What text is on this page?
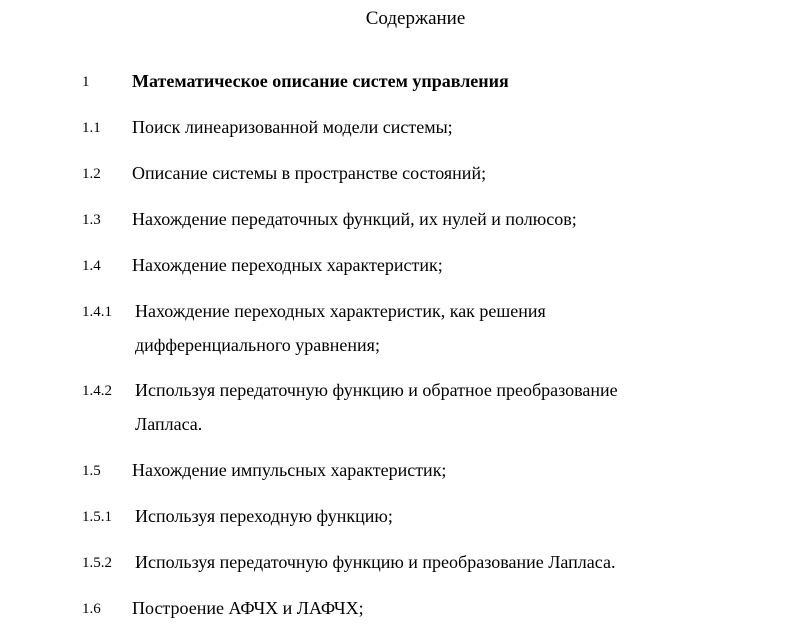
Содержание
1 Математическое описание систем управления
1.1 Поиск линеаризованной модели системы;
1.2 Описание системы в пространстве состояний;
1.3 Нахождение передаточных функций, их нулей и полюсов;
1.4 Нахождение переходных характеристик;
1.4.1 Нахождение переходных характеристик, как решения
дифференциального уравнения;
1.4.2 Используя передаточную функцию и обратное преобразование
Лапласа.
1.5 Нахождение импульсных характеристик;
1.5.1 Используя переходную функцию;
1.5.2 Используя передаточную функцию и преобразование Лапласа.
1.6 Построение АФЧХ и ЛАФЧХ;
